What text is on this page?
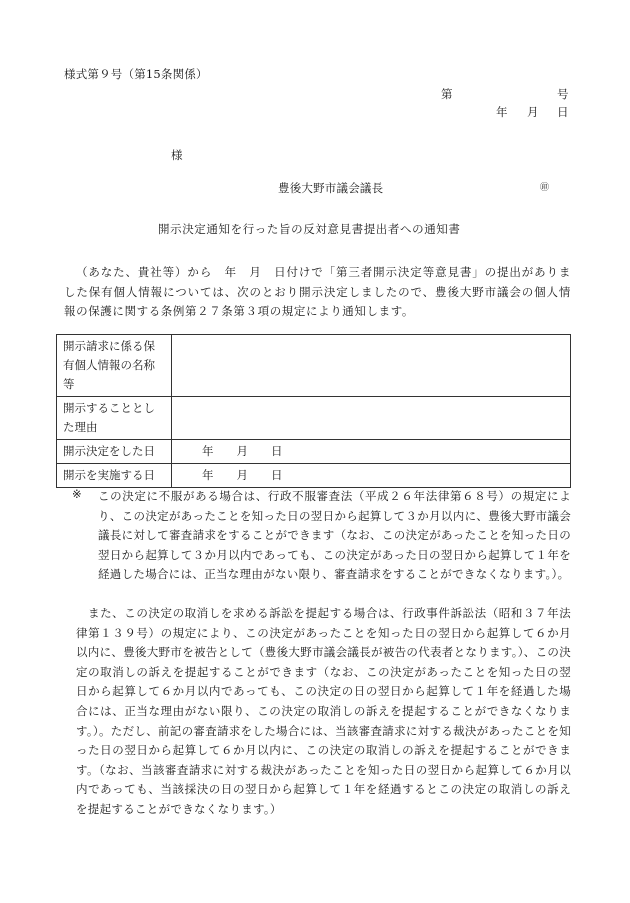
様式第９号（第15条関係）
第	号
年 月 日
様
豊後大野市議会議長	㊞
開示決定通知を行った旨の反対意見書提出者への通知書
（あなた、貴社等）から　年　月　日付けで「第三者開示決定等意見書」の提出がありました保有個人情報については、次のとおり開示決定しましたので、豊後大野市議会の個人情報の保護に関する条例第２７条第３項の規定により通知します。
開示請求に係る保有個人情報の名称等	
開示することとした理由	
開示決定をした日	年　　月　　日
開示を実施する日	年　　月　　日
※ この決定に不服がある場合は、行政不服審査法（平成２６年法律第６８号）の規定により、この決定があったことを知った日の翌日から起算して３か月以内に、豊後大野市議会議長に対して審査請求をすることができます（なお、この決定があったことを知った日の翌日から起算して３か月以内であっても、この決定があった日の翌日から起算して１年を経過した場合には、正当な理由がない限り、審査請求をすることができなくなります。）。
また、この決定の取消しを求める訴訟を提起する場合は、行政事件訴訟法（昭和３７年法律第１３９号）の規定により、この決定があったことを知った日の翌日から起算して６か月以内に、豊後大野市を被告として（豊後大野市議会議長が被告の代表者となります。）、この決定の取消しの訴えを提起することができます（なお、この決定があったことを知った日の翌日から起算して６か月以内であっても、この決定の日の翌日から起算して１年を経過した場合には、正当な理由がない限り、この決定の取消しの訴えを提起することができなくなります。）。ただし、前記の審査請求をした場合には、当該審査請求に対する裁決があったことを知った日の翌日から起算して６か月以内に、この決定の取消しの訴えを提起することができます。（なお、当該審査請求に対する裁決があったことを知った日の翌日から起算して６か月以内であっても、当該採決の日の翌日から起算して１年を経過するとこの決定の取消しの訴えを提起することができなくなります。）
